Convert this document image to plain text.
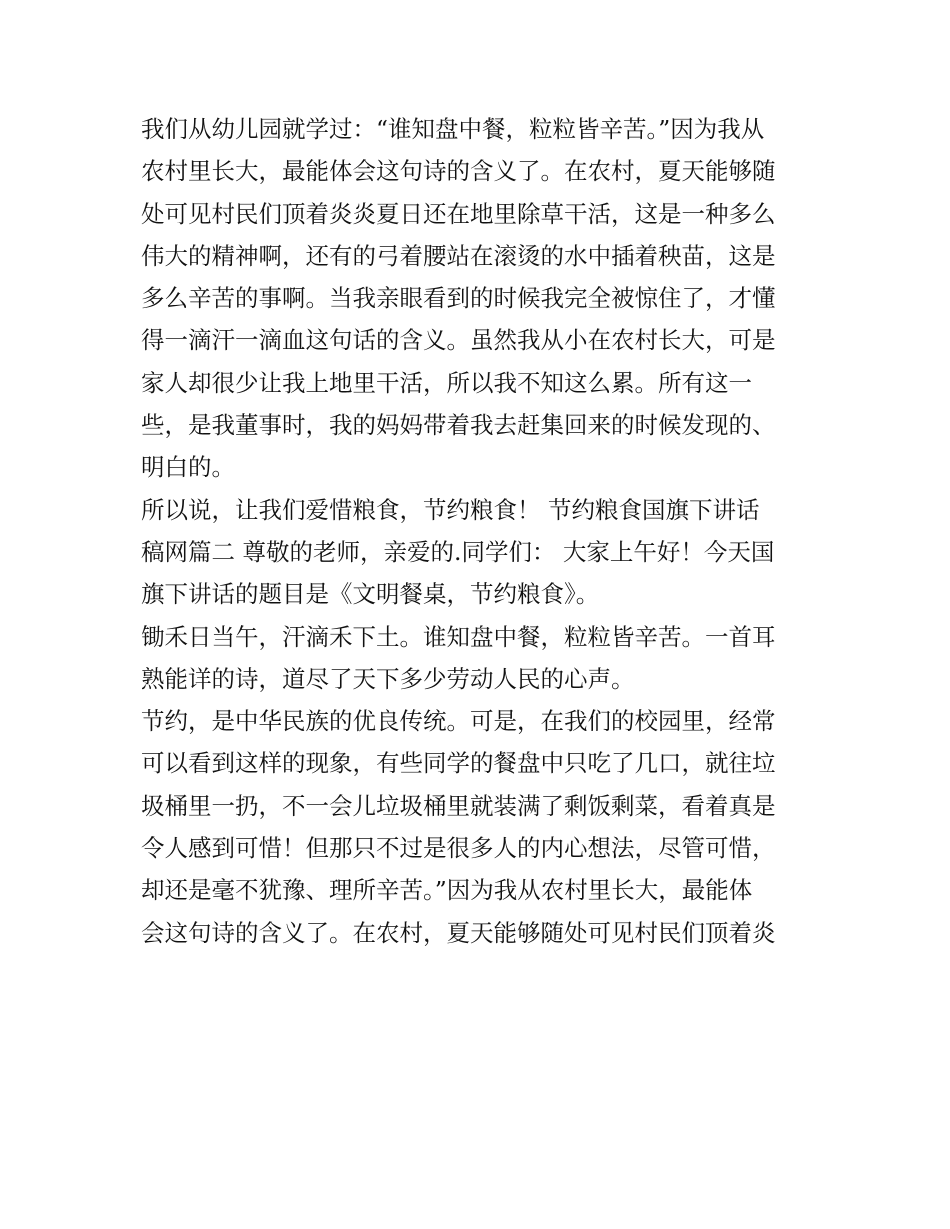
我们从幼儿园就学过：“谁知盘中餐，粒粒皆辛苦。”因为我从
农村里长大，最能体会这句诗的含义了。在农村，夏天能够随
处可见村民们顶着炎炎夏日还在地里除草干活，这是一种多么
伟大的精神啊，还有的弓着腰站在滚烫的水中插着秧苗，这是
多么辛苦的事啊。当我亲眼看到的时候我完全被惊住了，才懂
得一滴汗一滴血这句话的含义。虽然我从小在农村长大，可是
家人却很少让我上地里干活，所以我不知这么累。所有这一
些，是我董事时，我的妈妈带着我去赶集回来的时候发现的、
明白的。
所以说，让我们爱惜粮食，节约粮食！ 节约粮食国旗下讲话
稿网篇二 尊敬的老师，亲爱的.同学们： 大家上午好！今天国
旗下讲话的题目是《文明餐桌，节约粮食》。
锄禾日当午，汗滴禾下土。谁知盘中餐，粒粒皆辛苦。一首耳
熟能详的诗，道尽了天下多少劳动人民的心声。
节约，是中华民族的优良传统。可是，在我们的校园里，经常
可以看到这样的现象，有些同学的餐盘中只吃了几口，就往垃
圾桶里一扔，不一会儿垃圾桶里就装满了剩饭剩菜，看着真是
令人感到可惜！但那只不过是很多人的内心想法，尽管可惜，
却还是毫不犹豫、理所辛苦。”因为我从农村里长大，最能体
会这句诗的含义了。在农村，夏天能够随处可见村民们顶着炎
